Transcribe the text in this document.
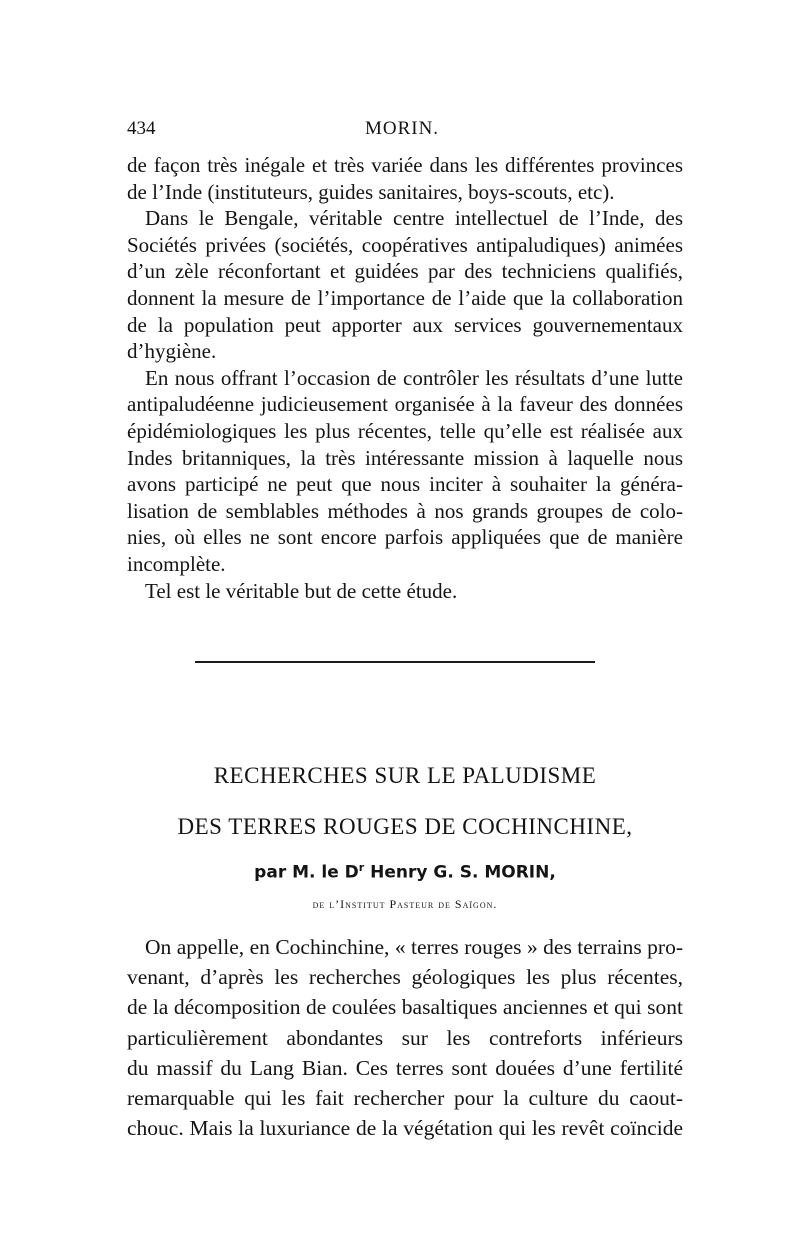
434	MORIN.
de façon très inégale et très variée dans les différentes provinces
de l’Inde (instituteurs, guides sanitaires, boys-scouts, etc).
Dans le Bengale, véritable centre intellectuel de l’Inde, des
Sociétés privées (sociétés, coopératives antipaludiques) animées
d’un zèle réconfortant et guidées par des techniciens qualifiés,
donnent la mesure de l’importance de l’aide que la collaboration
de la population peut apporter aux services gouvernementaux
d’hygiène.
En nous offrant l’occasion de contrôler les résultats d’une lutte
antipaludéenne judicieusement organisée à la faveur des données
épidémiologiques les plus récentes, telle qu’elle est réalisée aux
Indes britanniques, la très intéressante mission à laquelle nous
avons participé ne peut que nous inciter à souhaiter la généra-
lisation de semblables méthodes à nos grands groupes de colo-
nies, où elles ne sont encore parfois appliquées que de manière
incomplète.
Tel est le véritable but de cette étude.
RECHERCHES SUR LE PALUDISME
DES TERRES ROUGES DE COCHINCHINE,
par M. le $D^r$ Henry G. S. MORIN,
de l’Institut Pasteur de Saïgon.
On appelle, en Cochinchine, « terres rouges » des terrains pro-
venant, d’après les recherches géologiques les plus récentes,
de la décomposition de coulées basaltiques anciennes et qui sont
particulièrement abondantes sur les contreforts inférieurs
du massif du Lang Bian. Ces terres sont douées d’une fertilité
remarquable qui les fait rechercher pour la culture du caout-
chouc. Mais la luxuriance de la végétation qui les revêt coïncide
